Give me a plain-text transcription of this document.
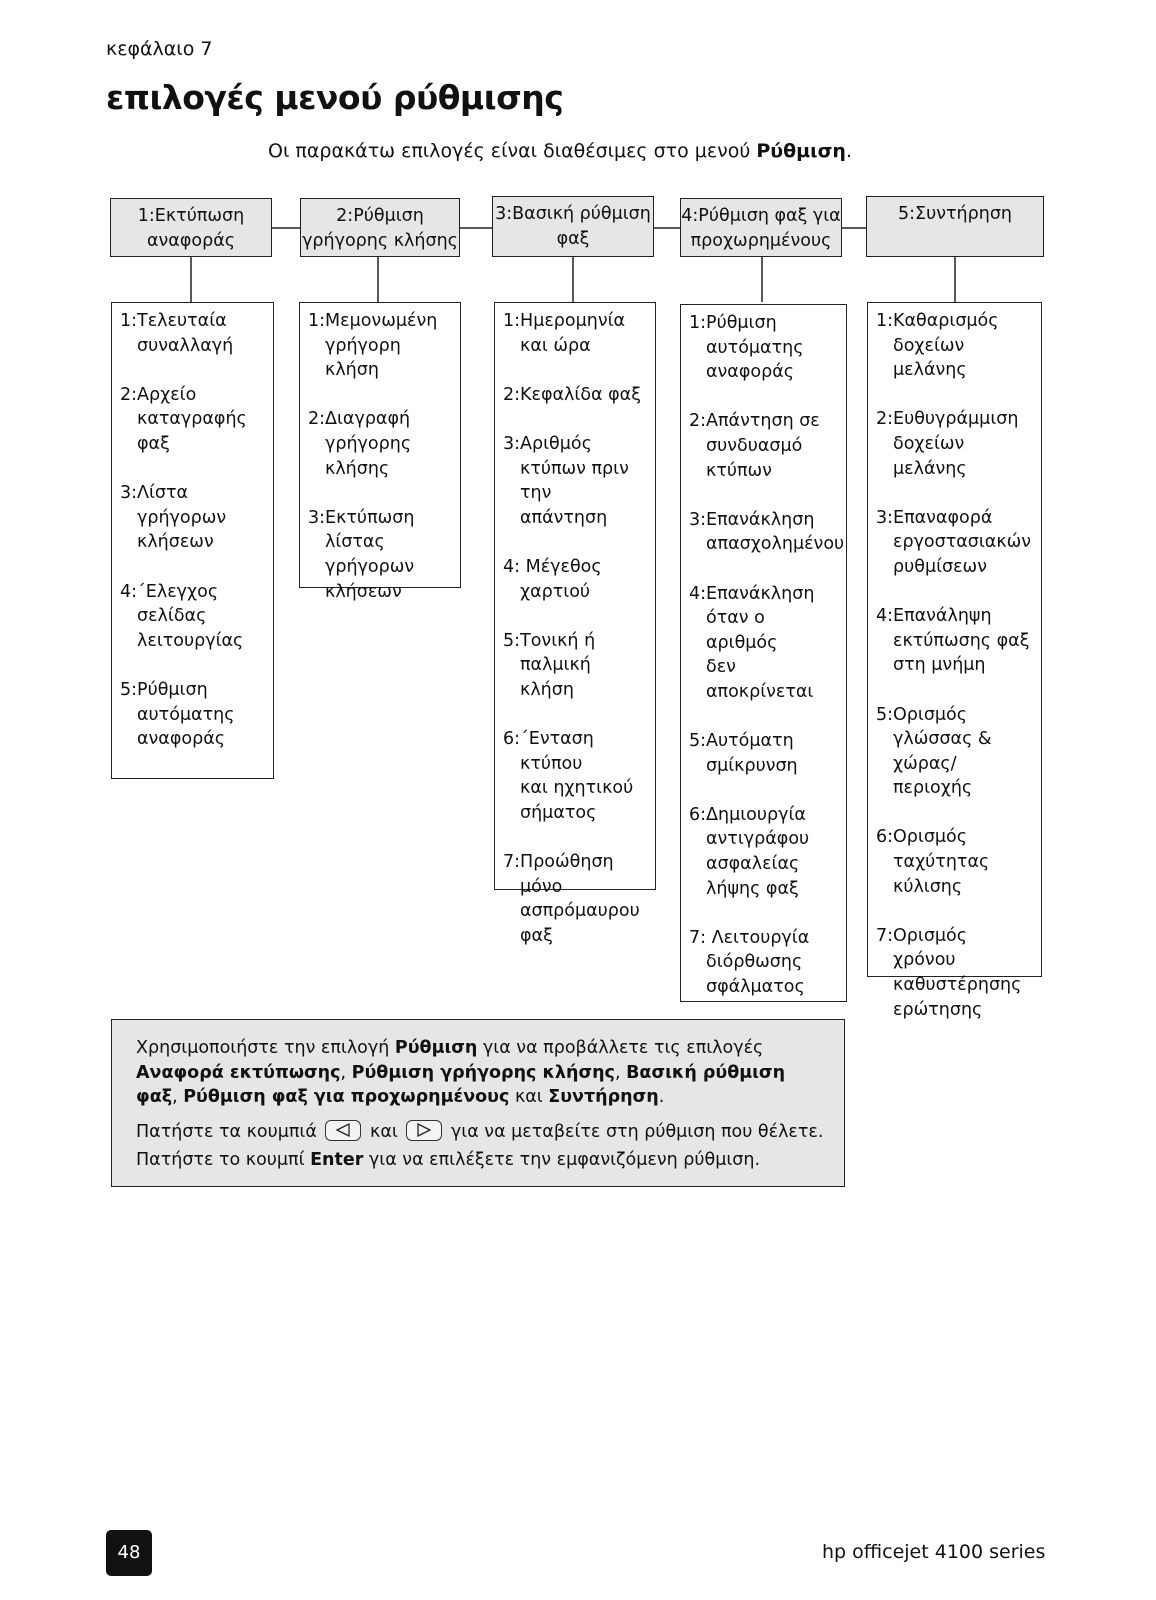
κεφάλαιο 7
επιλογές μενού ρύθμισης
Οι παρακάτω επιλογές είναι διαθέσιμες στο μενού Ρύθμιση.
1:Εκτύπωση
αναφοράς
2:Ρύθμιση
γρήγορης κλήσης
3:Βασική ρύθμιση
φαξ
4:Ρύθμιση φαξ για
προχωρημένους
5:Συντήρηση
1:Τελευταία
συναλλαγή
2:Αρχείο
καταγραφής
φαξ
3:Λίστα
γρήγορων
κλήσεων
4:΄Ελεγχος
σελίδας
λειτουργίας
5:Ρύθμιση
αυτόματης
αναφοράς
1:Μεμονωμένη
γρήγορη κλήση
2:Διαγραφή
γρήγορης
κλήσης
3:Εκτύπωση
λίστας
γρήγορων
κλήσεων
1:Ημερομηνία
και ώρα
2:Κεφαλίδα φαξ
3:Αριθμός
κτύπων πριν την
απάντηση
4: Μέγεθος
χαρτιού
5:Τονική ή
παλμική κλήση
6:΄Ενταση κτύπου
και ηχητικού
σήματος
7:Προώθηση
μόνο
ασπρόμαυρου
φαξ
1:Ρύθμιση
αυτόματης
αναφοράς
2:Απάντηση σε
συνδυασμό
κτύπων
3:Επανάκληση
απασχολημένου
4:Επανάκληση
όταν ο αριθμός
δεν αποκρίνεται
5:Αυτόματη
σμίκρυνση
6:Δημιουργία
αντιγράφου
ασφαλείας
λήψης φαξ
7: Λειτουργία
διόρθωσης
σφάλματος
1:Καθαρισμός
δοχείων μελάνης
2:Ευθυγράμμιση
δοχείων μελάνης
3:Επαναφορά
εργοστασιακών
ρυθμίσεων
4:Επανάληψη
εκτύπωσης φαξ
στη μνήμη
5:Ορισμός
γλώσσας &
χώρας/περιοχής
6:Ορισμός
ταχύτητας
κύλισης
7:Ορισμός
χρόνου
καθυστέρησης
ερώτησης

Χρησιμοποιήστε την επιλογή Ρύθμιση για να προβάλλετε τις επιλογές Αναφορά εκτύπωσης, Ρύθμιση γρήγορης κλήσης, Βασική ρύθμιση φαξ, Ρύθμιση φαξ για προχωρημένους και Συντήρηση.

Πατήστε τα κουμπιά
και
για να μεταβείτε στη ρύθμιση που θέλετε.
Πατήστε το κουμπί Enter για να επιλέξετε την εμφανιζόμενη ρύθμιση.

48	hp officejet 4100 series
